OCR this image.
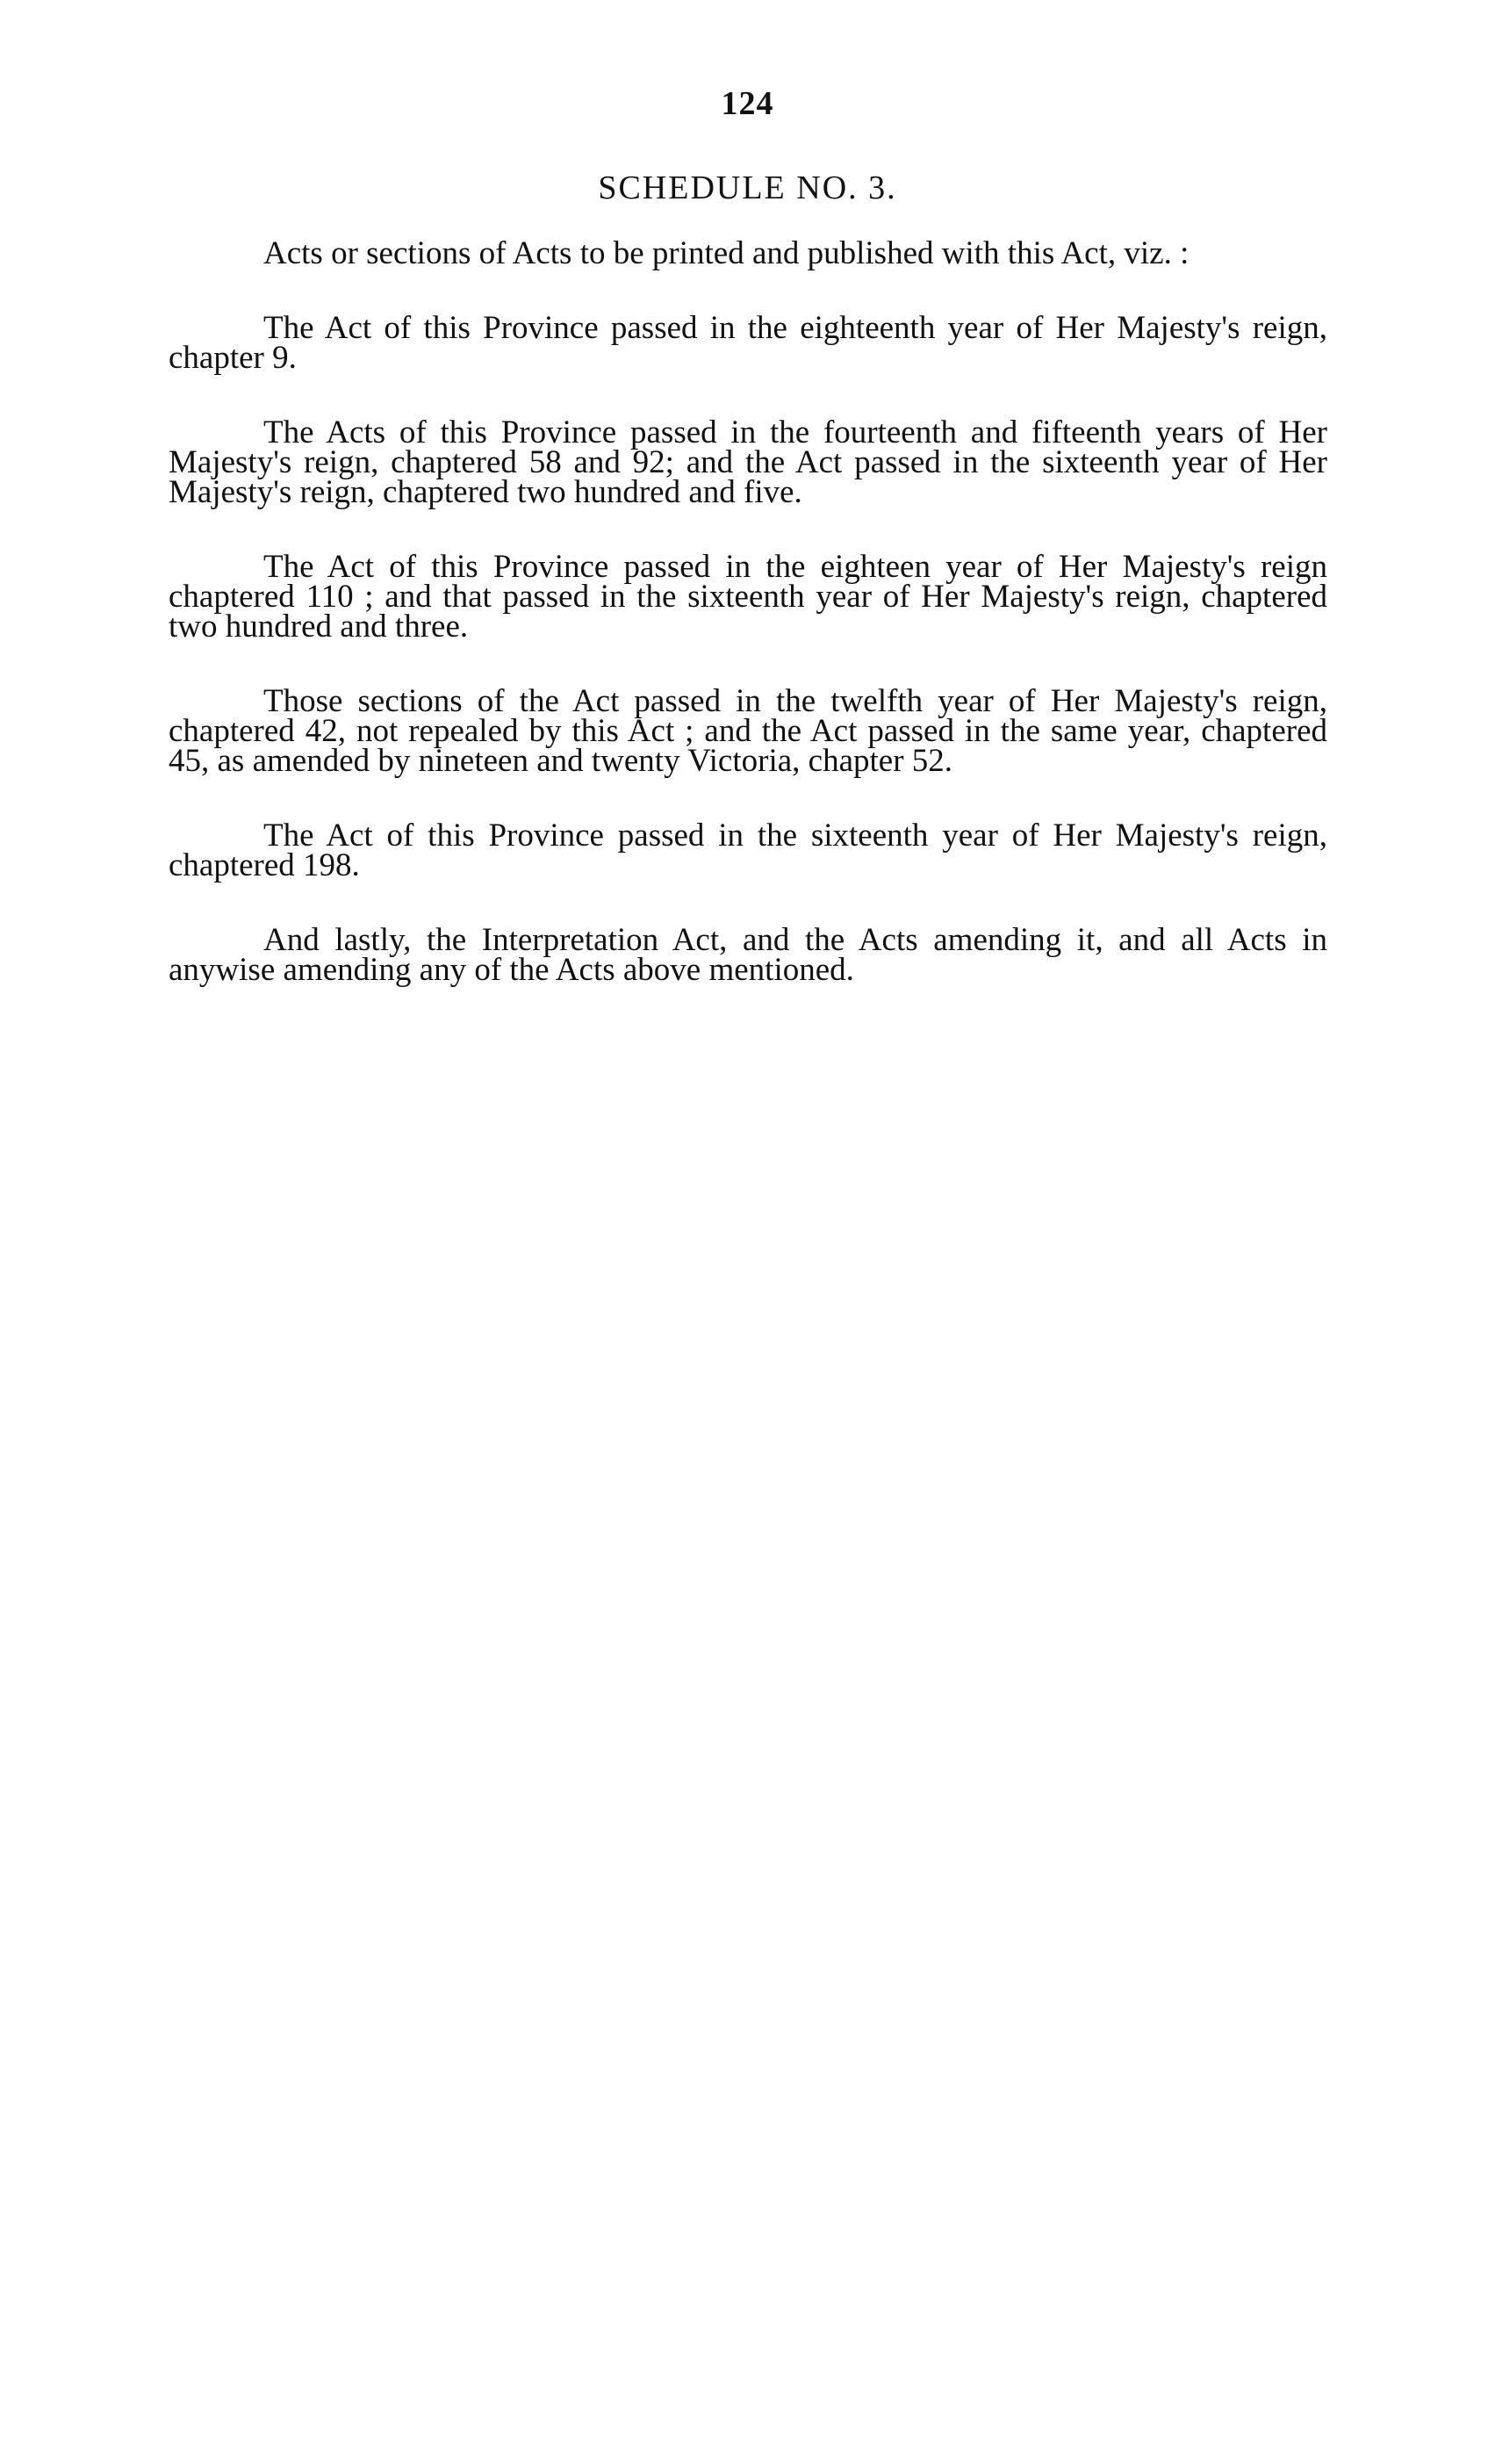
124

SCHEDULE NO. 3.

Acts or sections of Acts to be printed and published with this Act, viz. :

The Act of this Province passed in the eighteenth year of Her Majesty's reign, chapter 9.

The Acts of this Province passed in the fourteenth and fifteenth years of Her Majesty's reign, chaptered 58 and 92; and the Act passed in the sixteenth year of Her Majesty's reign, chaptered two hundred and five.

The Act of this Province passed in the eighteen year of Her Majesty's reign chaptered 110 ; and that passed in the sixteenth year of Her Majesty's reign, chaptered two hundred and three.

Those sections of the Act passed in the twelfth year of Her Majesty's reign, chaptered 42, not repealed by this Act ; and the Act passed in the same year, chaptered 45, as amended by nineteen and twenty Victoria, chapter 52.

The Act of this Province passed in the sixteenth year of Her Majesty's reign, chaptered 198.

And lastly, the Interpretation Act, and the Acts amending it, and all Acts in anywise amending any of the Acts above mentioned.
